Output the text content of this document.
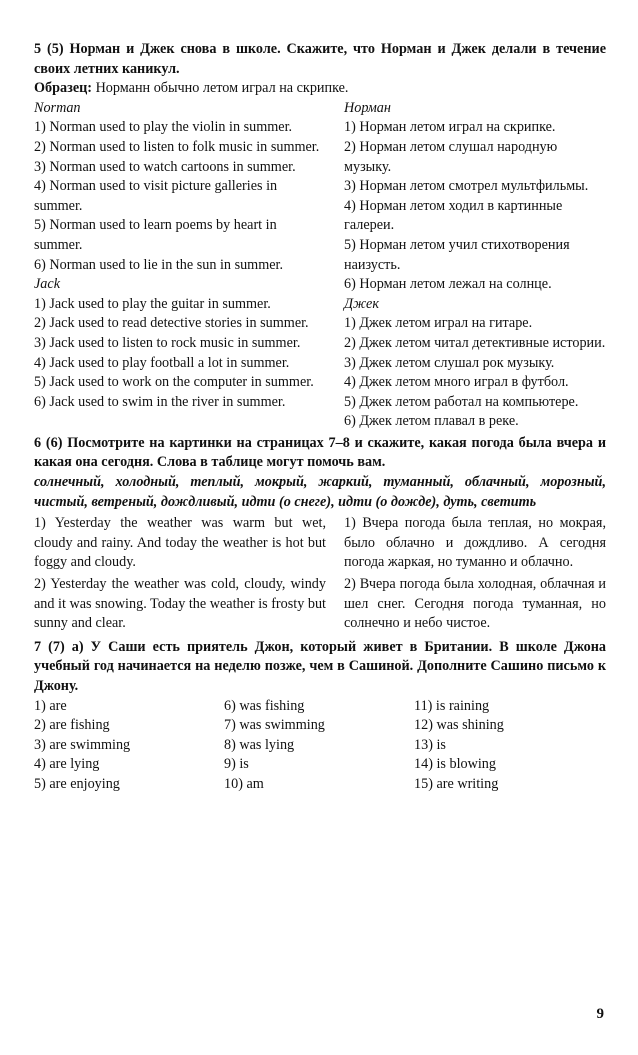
5 (5) Норман и Джек снова в школе. Скажите, что Норман и Джек делали в течение своих летних каникул.
Образец: Норманн обычно летом играл на скрипке.
Norman
1) Norman used to play the violin in summer.
2) Norman used to listen to folk music in summer.
3) Norman used to watch cartoons in summer.
4) Norman used to visit picture galleries in summer.
5) Norman used to learn poems by heart in summer.
6) Norman used to lie in the sun in summer.
Jack
1) Jack used to play the guitar in summer.
2) Jack used to read detective stories in summer.
3) Jack used to listen to rock music in summer.
4) Jack used to play football a lot in summer.
5) Jack used to work on the computer in summer.
6) Jack used to swim in the river in summer.
Норман
1) Норман летом играл на скрипке.
2) Норман летом слушал народную музыку.
3) Норман летом смотрел мультфильмы.
4) Норман летом ходил в картинные галереи.
5) Норман летом учил стихотворения наизусть.
6) Норман летом лежал на солнце.
Джек
1) Джек летом играл на гитаре.
2) Джек летом читал детективные истории.
3) Джек летом слушал рок музыку.
4) Джек летом много играл в футбол.
5) Джек летом работал на компьютере.
6) Джек летом плавал в реке.
6 (6) Посмотрите на картинки на страницах 7–8 и скажите, какая погода была вчера и какая она сегодня. Слова в таблице могут помочь вам.
солнечный, холодный, теплый, мокрый, жаркий, туманный, облачный, морозный, чистый, ветреный, дождливый, идти (о снеге), идти (о дожде), дуть, светить
1) Yesterday the weather was warm but wet, cloudy and rainy. And today the weather is hot but foggy and cloudy.
1) Вчера погода была теплая, но мокрая, было облачно и дождливо. А сегодня погода жаркая, но туманно и облачно.
2) Yesterday the weather was cold, cloudy, windy and it was snowing. Today the weather is frosty but sunny and clear.
2) Вчера погода была холодная, облачная и шел снег. Сегодня погода туманная, но солнечно и небо чистое.
7 (7) а) У Саши есть приятель Джон, который живет в Британии. В школе Джона учебный год начинается на неделю позже, чем в Сашиной. Дополните Сашино письмо к Джону.
1) are	6) was fishing	11) is raining
2) are fishing	7) was swimming	12) was shining
3) are swimming	8) was lying	13) is
4) are lying	9) is	14) is blowing
5) are enjoying	10) am	15) are writing
9
